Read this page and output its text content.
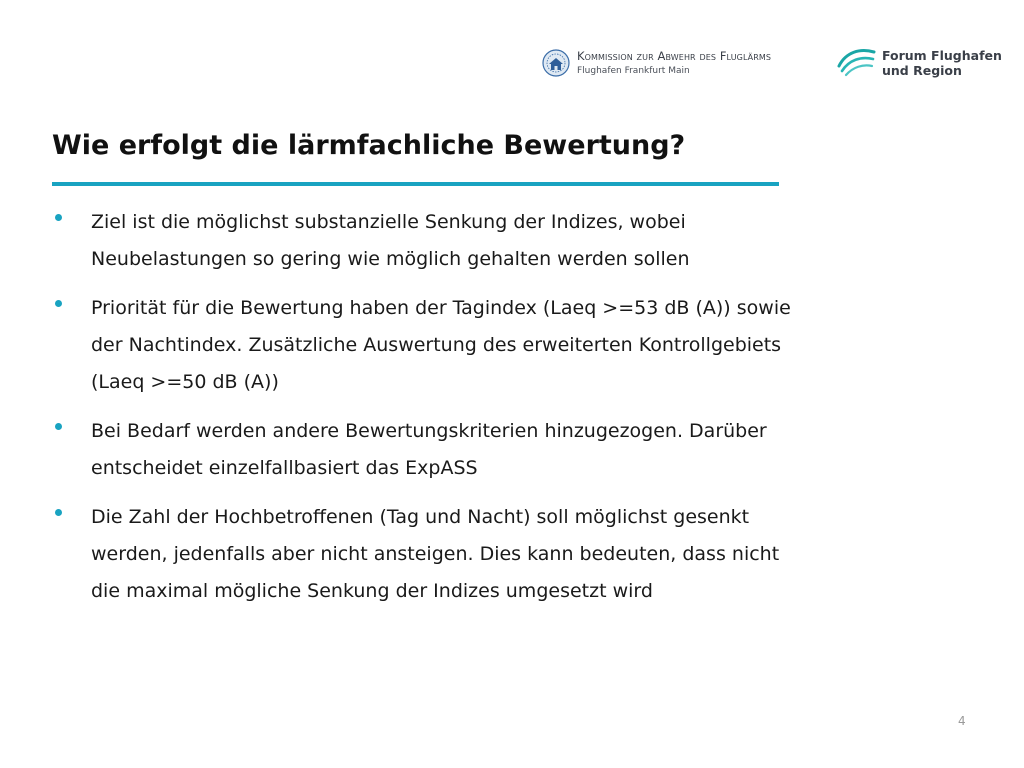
Kommission zur Abwehr des Fluglärms
Flughafen Frankfurt Main
Forum Flughafen
und Region
Wie erfolgt die lärmfachliche Bewertung?
Ziel ist die möglichst substanzielle Senkung der Indizes, wobei Neubelastungen so gering wie möglich gehalten werden sollen
Priorität für die Bewertung haben der Tagindex (Laeq >=53 dB (A)) sowie der Nachtindex. Zusätzliche Auswertung des erweiterten Kontrollgebiets (Laeq >=50 dB (A))
Bei Bedarf werden andere Bewertungskriterien hinzugezogen. Darüber entscheidet einzelfallbasiert das ExpASS
Die Zahl der Hochbetroffenen (Tag und Nacht) soll möglichst gesenkt werden, jedenfalls aber nicht ansteigen. Dies kann bedeuten, dass nicht die maximal mögliche Senkung der Indizes umgesetzt wird
4
